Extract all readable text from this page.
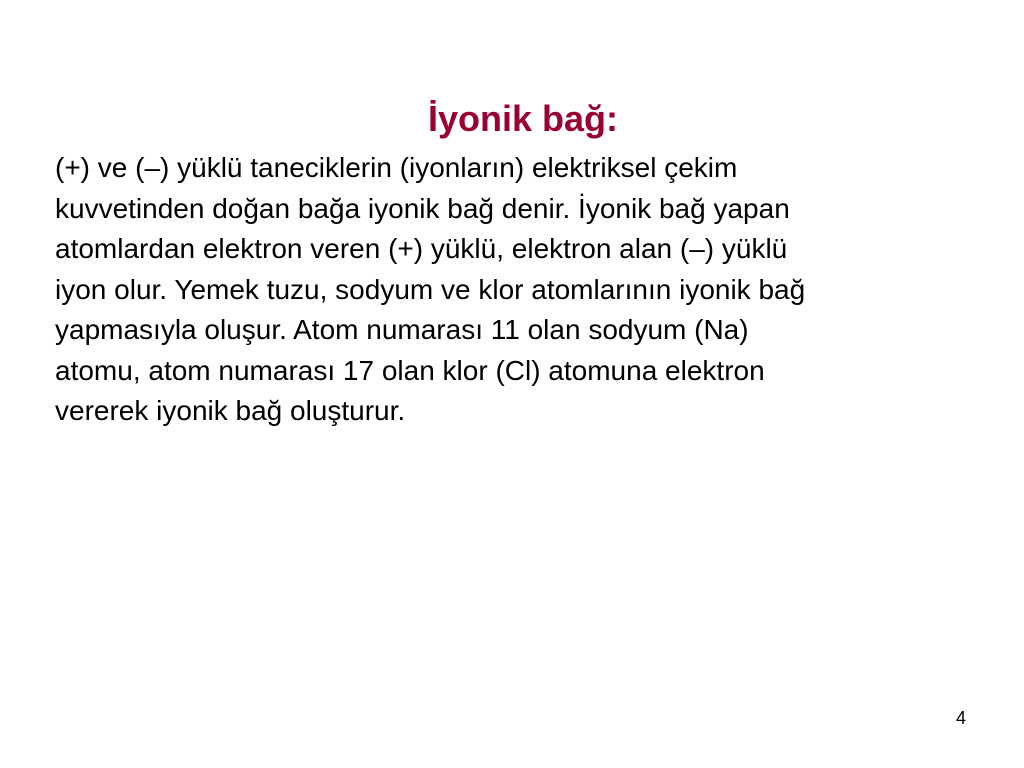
İyonik bağ:

(+) ve (–) yüklü taneciklerin (iyonların) elektriksel çekim
kuvvetinden doğan bağa iyonik bağ denir. İyonik bağ yapan
atomlardan elektron veren (+) yüklü, elektron alan (–) yüklü
iyon olur. Yemek tuzu, sodyum ve klor atomlarının iyonik bağ
yapmasıyla oluşur. Atom numarası 11 olan sodyum (Na)
atomu, atom numarası 17 olan klor (Cl) atomuna elektron
vererek iyonik bağ oluşturur.

4
